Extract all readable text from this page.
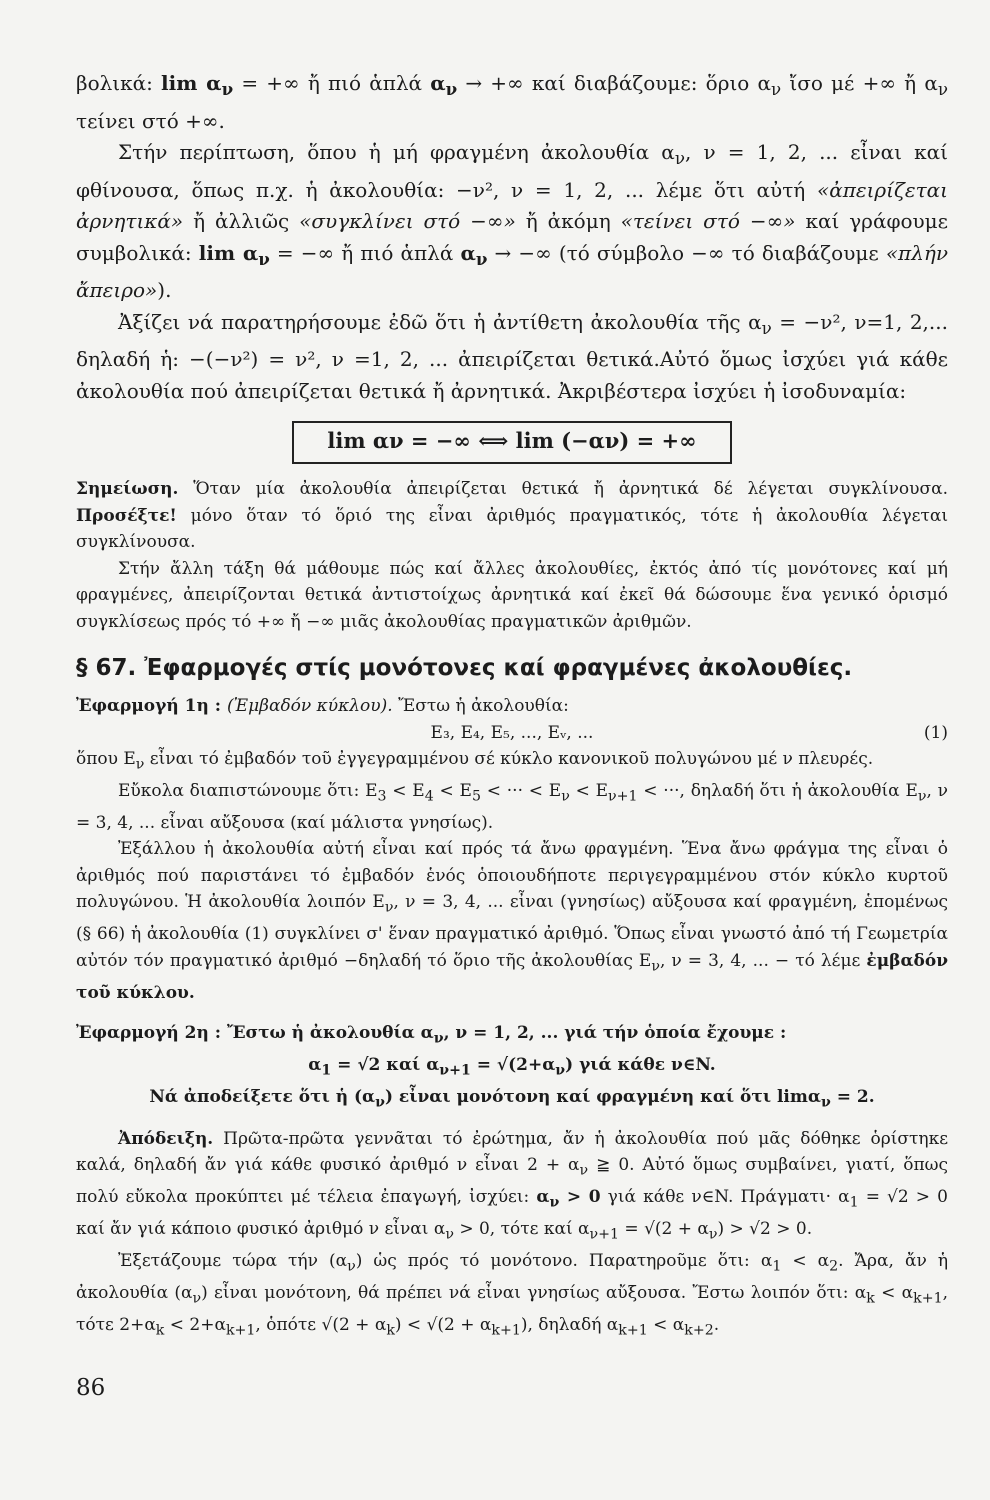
βολικά: $\lim \alpha_\nu$ = +∞ ἤ πιό ἁπλά $\alpha_\nu$ → +∞ καί διαβάζουμε: ὅριο $\alpha_\nu$ ἴσο μέ +∞ ἤ $\alpha_\nu$ τείνει στό +∞.

Στήν περίπτωση, ὅπου ἡ μή φραγμένη ἀκολουθία $\alpha_\nu$, ν = 1, 2, ... εἶναι καί φθίνουσα, ὅπως π.χ. ἡ ἀκολουθία: −ν², ν = 1, 2, ... λέμε ὅτι αὐτή «ἀπειρίζεται ἀρνητικά» ἤ ἀλλιῶς «συγκλίνει στό −∞» ἤ ἀκόμη «τείνει στό −∞» καί γράφουμε συμβολικά: $\lim \alpha_\nu$ = −∞ ἤ πιό ἁπλά $\alpha_\nu$ → −∞ (τό σύμβολο −∞ τό διαβάζουμε «πλήν ἄπειρο»).

Ἀξίζει νά παρατηρήσουμε ἐδῶ ὅτι ἡ ἀντίθετη ἀκολουθία τῆς $\alpha_\nu = -\nu^2$, ν=1, 2,... δηλαδή ἡ: −(−ν²) = ν², ν =1, 2, ... ἀπειρίζεται θετικά.Αὐτό ὅμως ἰσχύει γιά κάθε ἀκολουθία πού ἀπειρίζεται θετικά ἤ ἀρνητικά. Ἀκριβέστερα ἰσχύει ἡ ἰσοδυναμία:

lim αν = −∞ ⟺ lim (−αν) = +∞

Σημείωση. Ὅταν μία ἀκολουθία ἀπειρίζεται θετικά ἤ ἀρνητικά δέ λέγεται συγκλίνουσα. Προσέξτε! μόνο ὅταν τό ὅριό της εἶναι ἀριθμός πραγματικός, τότε ἡ ἀκολουθία λέγεται συγκλίνουσα.

Στήν ἄλλη τάξη θά μάθουμε πώς καί ἄλλες ἀκολουθίες, ἐκτός ἀπό τίς μονότονες καί μή φραγμένες, ἀπειρίζονται θετικά ἀντιστοίχως ἀρνητικά καί ἐκεῖ θά δώσουμε ἕνα γενικό ὁρισμό συγκλίσεως πρός τό +∞ ἤ −∞ μιᾶς ἀκολουθίας πραγματικῶν ἀριθμῶν.

§ 67. Ἐφαρμογές στίς μονότονες καί φραγμένες ἀκολουθίες.

Ἐφαρμογή 1η : (Ἐμβαδόν κύκλου). Ἔστω ἡ ἀκολουθία:

E₃, E₄, E₅, ..., Eᵥ, ...	(1)

ὅπου $E_\nu$ εἶναι τό ἐμβαδόν τοῦ ἐγγεγραμμένου σέ κύκλο κανονικοῦ πολυγώνου μέ ν πλευρές.

Εὔκολα διαπιστώνουμε ὅτι: $E_3 < E_4 < E_5$ < ··· < $E_\nu < E_{\nu+1}$ < ···, δηλαδή ὅτι ἡ ἀκολουθία $E_\nu$, ν = 3, 4, ... εἶναι αὔξουσα (καί μάλιστα γνησίως).

Ἐξάλλου ἡ ἀκολουθία αὐτή εἶναι καί πρός τά ἄνω φραγμένη. Ἕνα ἄνω φράγμα της εἶναι ὁ ἀριθμός πού παριστάνει τό ἐμβαδόν ἑνός ὁποιουδήποτε περιγεγραμμένου στόν κύκλο κυρτοῦ πολυγώνου. Ἡ ἀκολουθία λοιπόν $E_\nu$, ν = 3, 4, ... εἶναι (γνησίως) αὔξουσα καί φραγμένη, ἑπομένως (§ 66) ἡ ἀκολουθία (1) συγκλίνει σ' ἕναν πραγματικό ἀριθμό. Ὅπως εἶναι γνωστό ἀπό τή Γεωμετρία αὐτόν τόν πραγματικό ἀριθμό −δηλαδή τό ὅριο τῆς ἀκολουθίας $E_\nu$, ν = 3, 4, ... − τό λέμε ἐμβαδόν τοῦ κύκλου.

Ἐφαρμογή 2η : Ἔστω ἡ ἀκολουθία $\alpha_\nu$, ν = 1, 2, ... γιά τήν ὁποία ἔχουμε :

$\alpha_1 = √2$ καί $\alpha_{\nu+1} = √(2+\alpha_\nu)$ γιά κάθε ν∈N.

Νά ἀποδείξετε ὅτι ἡ $(\alpha_\nu)$ εἶναι μονότονη καί φραγμένη καί ὅτι limα$_\nu$ = 2.

Ἀπόδειξη. Πρῶτα-πρῶτα γεννᾶται τό ἐρώτημα, ἄν ἡ ἀκολουθία πού μᾶς δόθηκε ὁρίστηκε καλά, δηλαδή ἄν γιά κάθε φυσικό ἀριθμό ν εἶναι $2 + \alpha_\nu$ ≧ 0. Αὐτό ὅμως συμβαίνει, γιατί, ὅπως πολύ εὔκολα προκύπτει μέ τέλεια ἐπαγωγή, ἰσχύει: $\alpha_\nu > 0$ γιά κάθε ν∈N. $\Pi\rho ά\gamma\mu\alpha\tau\iota\cdot \alpha_1 = √2 > 0$ καί ἄν γιά κάποιο φυσικό ἀριθμό ν εἶναι $\alpha_\nu > 0$, τότε καί $\alpha_{\nu+1} = √(2 + \alpha_\nu) > √2 > 0$.

Ἐξετάζουμε τώρα τήν $(\alpha_\nu)$ ὡς πρός τό μονότονο. Παρατηροῦμε ὅτι: $\alpha_1 < \alpha_2$. Ἄρα, ἄν ἡ ἀκολουθία $(\alpha_\nu)$ εἶναι μονότονη, θά πρέπει νά εἶναι γνησίως αὔξουσα. Ἔστω λοιπόν ὅτι: $\alpha_k < \alpha_{k+1}$, τότε $2+\alpha_k < 2+\alpha_{k+1}$, ὁπότε $√(2 + \alpha_k) < √(2 + \alpha_{k+1})$, δηλαδή $\alpha_{k+1} < \alpha_{k+2}$.

86
